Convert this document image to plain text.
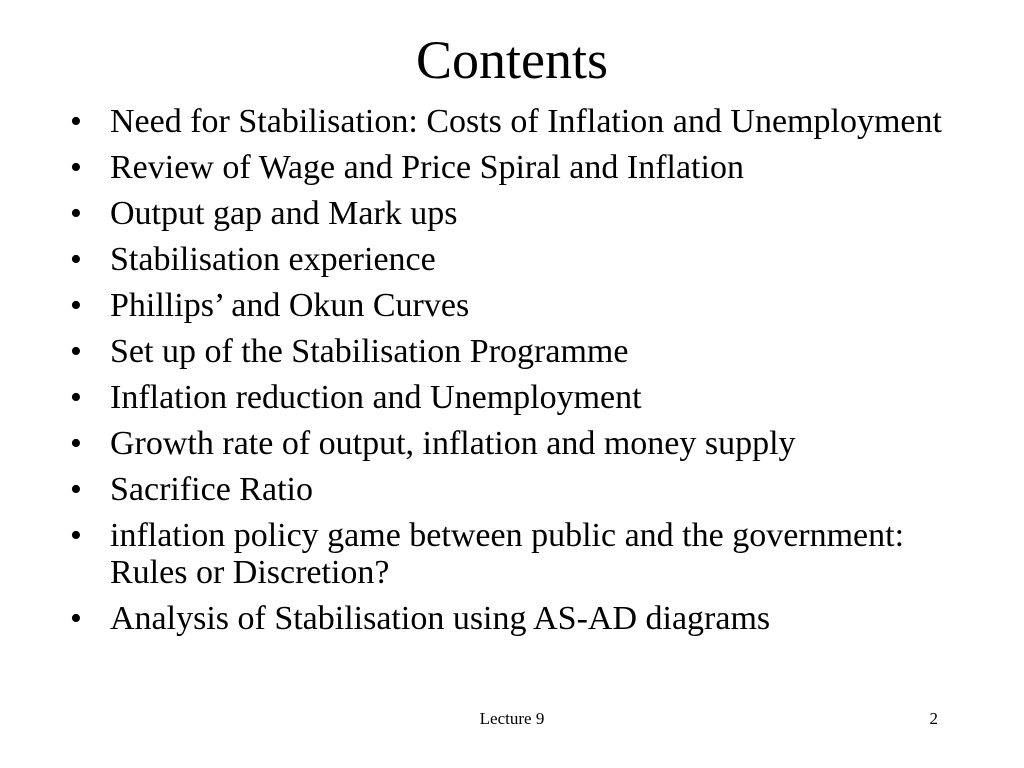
Contents
• Need for Stabilisation: Costs of Inflation and Unemployment
• Review of Wage and Price Spiral and Inflation
• Output gap and Mark ups
• Stabilisation experience
• Phillips’ and Okun Curves
• Set up of the Stabilisation Programme
• Inflation reduction and Unemployment
• Growth rate of output, inflation and money supply
• Sacrifice Ratio
• inflation policy game between public and the government: Rules or Discretion?
• Analysis of Stabilisation using AS-AD diagrams
Lecture 9	2
